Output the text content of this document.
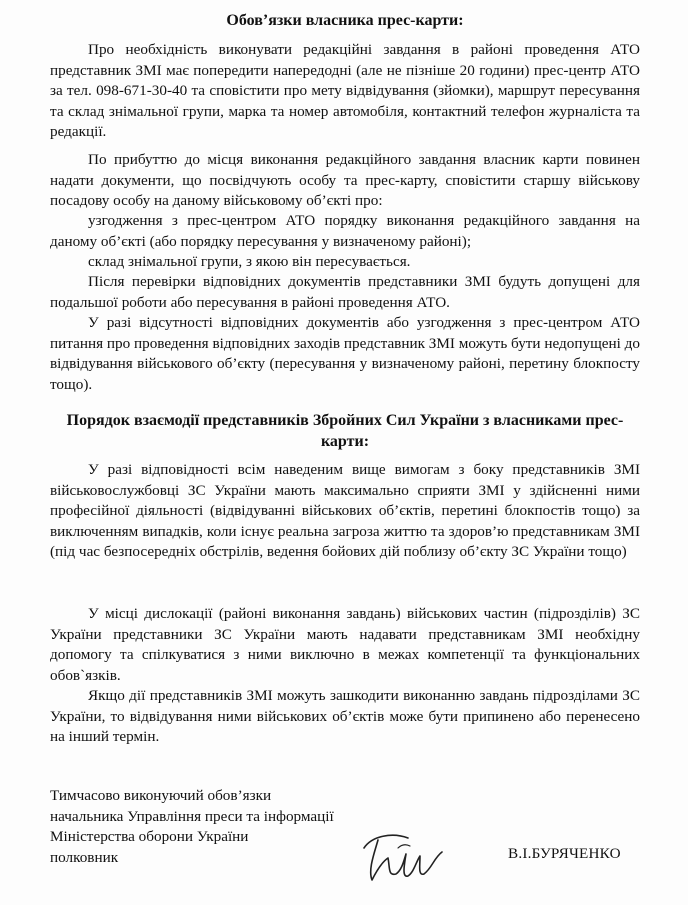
Обов’язки власника прес-карти:

Про необхідність виконувати редакційні завдання в районі проведення АТО представник ЗМІ має попередити напередодні (але не пізніше 20 години) прес-центр АТО за тел. 098-671-30-40 та сповістити про мету відвідування (зйомки), маршрут пересування та склад знімальної групи, марка та номер автомобіля, контактний телефон журналіста та редакції.

По прибуттю до місця виконання редакційного завдання власник карти повинен надати документи, що посвідчують особу та прес-карту, сповістити старшу військову посадову особу на даному військовому об’єкті про:

узгодження з прес-центром АТО порядку виконання редакційного завдання на даному об’єкті (або порядку пересування у визначеному районі);

склад знімальної групи, з якою він пересувається.

Після перевірки відповідних документів представники ЗМІ будуть допущені для подальшої роботи або пересування в районі проведення АТО.

У разі відсутності відповідних документів або узгодження з прес-центром АТО питання про проведення відповідних заходів представник ЗМІ можуть бути недопущені до відвідування військового об’єкту (пересування у визначеному районі, перетину блокпосту тощо).

Порядок взаємодії представників Збройних Сил України з власниками прес-карти:

У разі відповідності всім наведеним вище вимогам з боку представників ЗМІ військовослужбовці ЗС України мають максимально сприяти ЗМІ у здійсненні ними професійної діяльності (відвідуванні військових об’єктів, перетині блокпостів тощо) за виключенням випадків, коли існує реальна загроза життю та здоров’ю представникам ЗМІ (під час безпосередніх обстрілів, ведення бойових дій поблизу об’єкту ЗС України тощо)

У місці дислокації (районі виконання завдань) військових частин (підрозділів) ЗС України представники ЗС України мають надавати представникам ЗМІ необхідну допомогу та спілкуватися з ними виключно в межах компетенції та функціональних обов`язків.

Якщо дії представників ЗМІ можуть зашкодити виконанню завдань підрозділами ЗС України, то відвідування ними військових об’єктів може бути припинено або перенесено на інший термін.

Тимчасово виконуючий обов’язки
начальника Управління преси та інформації
Міністерства оборони України
полковник	В.І.БУРЯЧЕНКО
